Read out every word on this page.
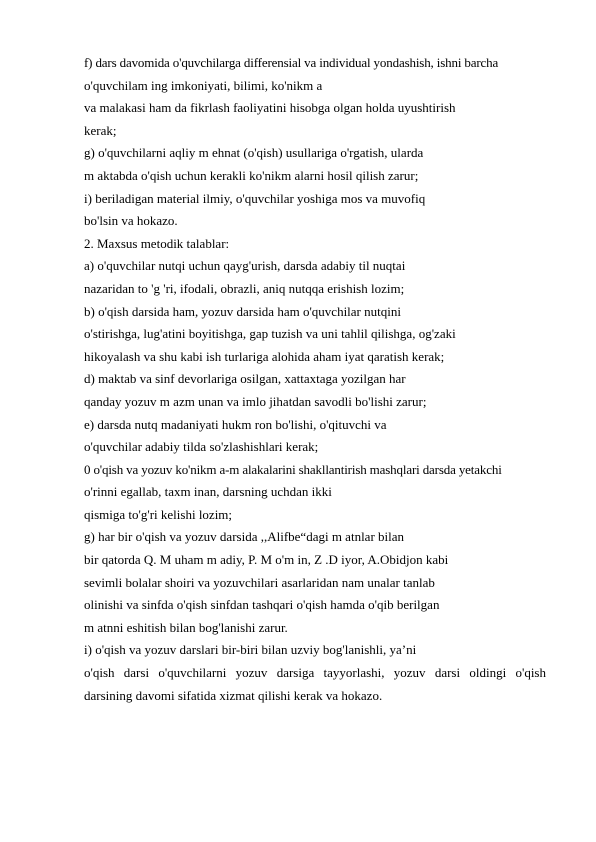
f) dars davomida o'quvchilarga differensial va individual yondashish, ishni barcha
o'quvchilam ing imkoniyati, bilimi, ko'nikm a
va malakasi ham da fikrlash faoliyatini hisobga olgan holda uyushtirish
kerak;
g) o'quvchilarni aqliy m ehnat (o'qish) usullariga o'rgatish, ularda
m aktabda o'qish uchun kerakli ko'nikm alarni hosil qilish zarur;
i) beriladigan material ilmiy, o'quvchilar yoshiga mos va muvofiq
bo'lsin va hokazo.
2. Maxsus metodik talablar:
a) o'quvchilar nutqi uchun qayg'urish, darsda adabiy til nuqtai
nazaridan to 'g 'ri, ifodali, obrazli, aniq nutqqa erishish lozim;
b) o'qish darsida ham, yozuv darsida ham o'quvchilar nutqini
o'stirishga, lug'atini boyitishga, gap tuzish va uni tahlil qilishga, og'zaki
hikoyalash va shu kabi ish turlariga alohida aham iyat qaratish kerak;
d) maktab va sinf devorlariga osilgan, xattaxtaga yozilgan har
qanday yozuv m azm unan va imlo jihatdan savodli bo'lishi zarur;
e) darsda nutq madaniyati hukm ron bo'lishi, o'qituvchi va
o'quvchilar adabiy tilda so'zlashishlari kerak;
0 o'qish va yozuv ko'nikm a-m alakalarini shakllantirish mashqlari darsda yetakchi
o'rinni egallab, taxm inan, darsning uchdan ikki
qismiga to'g'ri kelishi lozim;
g) har bir o'qish va yozuv darsida ,,Alifbe“dagi m atnlar bilan
bir qatorda Q. M uham m adiy, P. M o'm in, Z .D iyor, A.Obidjon kabi
sevimli bolalar shoiri va yozuvchilari asarlaridan nam unalar tanlab
olinishi va sinfda o'qish sinfdan tashqari o'qish hamda o'qib berilgan
m atnni eshitish bilan bog'lanishi zarur.
i) o'qish va yozuv darslari bir-biri bilan uzviy bog'lanishli, ya’ni
o'qish darsi o'quvchilarni yozuv darsiga tayyorlashi, yozuv darsi oldingi o'qish
darsining davomi sifatida xizmat qilishi kerak va hokazo.
